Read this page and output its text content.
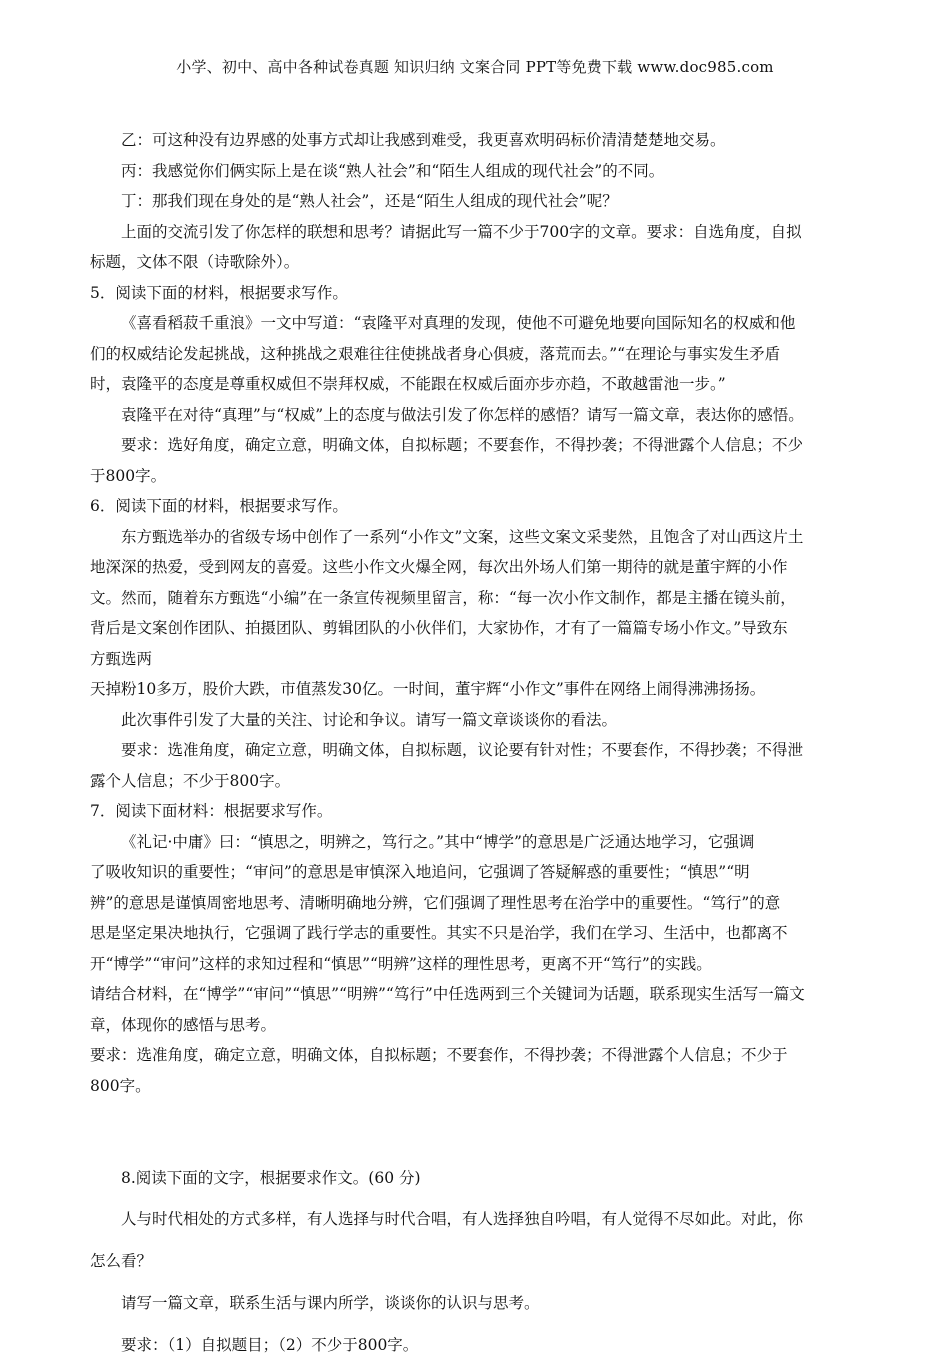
小学、初中、高中各种试卷真题 知识归纳 文案合同 PPT等免费下载 www.doc985.com
乙：可这种没有边界感的处事方式却让我感到难受，我更喜欢明码标价清清楚楚地交易。
丙：我感觉你们俩实际上是在谈“熟人社会”和“陌生人组成的现代社会”的不同。
丁：那我们现在身处的是“熟人社会”，还是“陌生人组成的现代社会”呢？
上面的交流引发了你怎样的联想和思考？请据此写一篇不少于700字的文章。要求：自选角度，自拟
标题，文体不限（诗歌除外）。
5．阅读下面的材料，根据要求写作。
《喜看稻菽千重浪》一文中写道：“袁隆平对真理的发现，使他不可避免地要向国际知名的权威和他
们的权威结论发起挑战，这种挑战之艰难往往使挑战者身心俱疲，落荒而去。”“在理论与事实发生矛盾
时，袁隆平的态度是尊重权威但不崇拜权威，不能跟在权威后面亦步亦趋，不敢越雷池一步。”
袁隆平在对待“真理”与“权威”上的态度与做法引发了你怎样的感悟？请写一篇文章，表达你的感悟。
要求：选好角度，确定立意，明确文体，自拟标题；不要套作，不得抄袭；不得泄露个人信息；不少
于800字。
6．阅读下面的材料，根据要求写作。
东方甄选举办的省级专场中创作了一系列“小作文”文案，这些文案文采斐然，且饱含了对山西这片土
地深深的热爱，受到网友的喜爱。这些小作文火爆全网，每次出外场人们第一期待的就是董宇辉的小作
文。然而，随着东方甄选“小编”在一条宣传视频里留言，称：“每一次小作文制作，都是主播在镜头前，
背后是文案创作团队、拍摄团队、剪辑团队的小伙伴们，大家协作，才有了一篇篇专场小作文。”导致东
方甄选两
天掉粉10多万，股价大跌，市值蒸发30亿。一时间，董宇辉“小作文”事件在网络上闹得沸沸扬扬。
此次事件引发了大量的关注、讨论和争议。请写一篇文章谈谈你的看法。
要求：选准角度，确定立意，明确文体，自拟标题，议论要有针对性；不要套作，不得抄袭；不得泄
露个人信息；不少于800字。
7．阅读下面材料：根据要求写作。
《礼记·中庸》曰：“慎思之，明辨之，笃行之。”其中“博学”的意思是广泛通达地学习，它强调
了吸收知识的重要性；“审问”的意思是审慎深入地追问，它强调了答疑解惑的重要性；“慎思”“明
辨”的意思是谨慎周密地思考、清晰明确地分辨，它们强调了理性思考在治学中的重要性。“笃行”的意
思是坚定果决地执行，它强调了践行学志的重要性。其实不只是治学，我们在学习、生活中，也都离不
开“博学”“审问”这样的求知过程和“慎思”“明辨”这样的理性思考，更离不开“笃行”的实践。
请结合材料，在“博学”“审问”“慎思”“明辨”“笃行”中任选两到三个关键词为话题，联系现实生活写一篇文
章，体现你的感悟与思考。
要求：选准角度，确定立意，明确文体，自拟标题；不要套作，不得抄袭；不得泄露个人信息；不少于
800字。
8.阅读下面的文字，根据要求作文。(60 分)
人与时代相处的方式多样，有人选择与时代合唱，有人选择独自吟唱，有人觉得不尽如此。对此，你
怎么看？
请写一篇文章，联系生活与课内所学，谈谈你的认识与思考。
要求：（1）自拟题目；（2）不少于800字。
